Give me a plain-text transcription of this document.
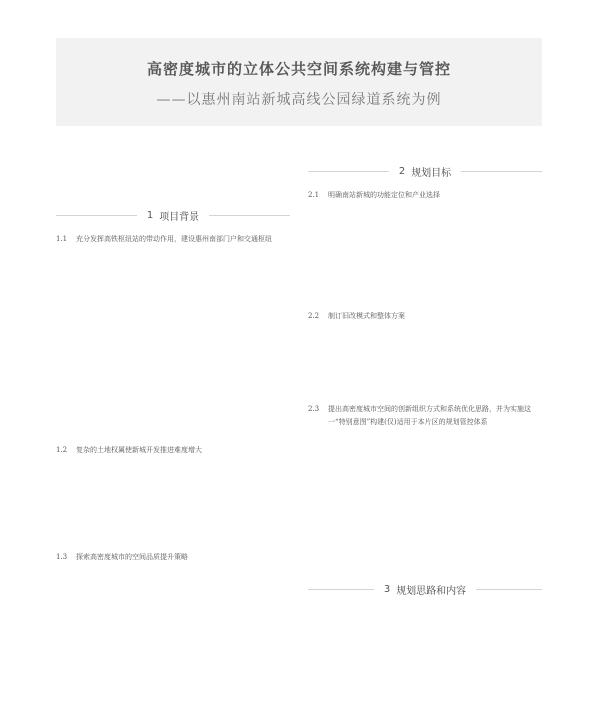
高密度城市的立体公共空间系统构建与管控
——以惠州南站新城高线公园绿道系统为例
2 规划目标
1 项目背景
3 规划思路和内容
1.1	充分发挥高铁枢纽站的带动作用，建设惠州南部门户和交通枢纽
1.2	复杂的土地权属使新城开发推进难度增大
1.3	探索高密度城市的空间品质提升策略
2.1	明确南站新城的功能定位和产业选择
2.2	制订旧改模式和整体方案
2.3	提出高密度城市空间的创新组织方式和系统优化思路，并为实施这一“特别意图”构建(仅)适用于本片区的规划管控体系
